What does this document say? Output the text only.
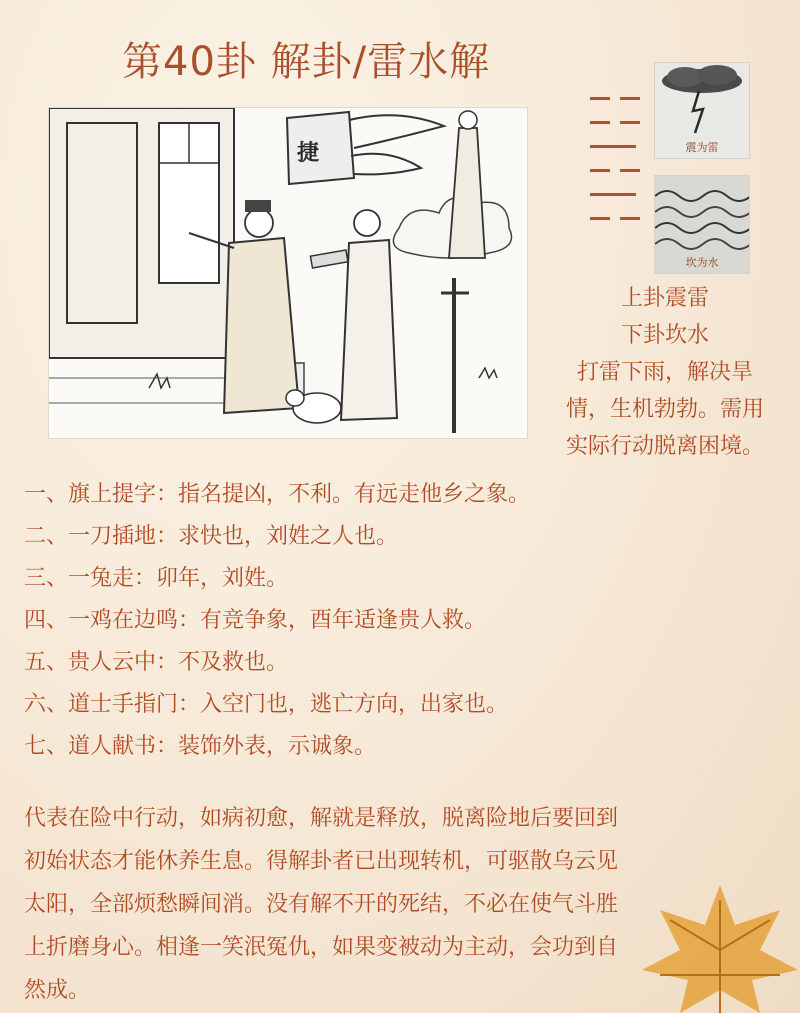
第40卦 解卦/雷水解
捷	震为雷
坎为水
上卦震雷
下卦坎水
打雷下雨，解决旱
情，生机勃勃。需用
实际行动脱离困境。
一、旗上提字：指名提凶，不利。有远走他乡之象。
二、一刀插地：求快也，刘姓之人也。
三、一兔走：卯年，刘姓。
四、一鸡在边鸣：有竞争象，酉年适逢贵人救。
五、贵人云中：不及救也。
六、道士手指门：入空门也，逃亡方向，出家也。
七、道人献书：装饰外表，示诚象。
代表在险中行动，如病初愈，解就是释放，脱离险地后要回到
初始状态才能休养生息。得解卦者已出现转机，可驱散乌云见
太阳，全部烦愁瞬间消。没有解不开的死结，不必在使气斗胜
上折磨身心。相逢一笑泯冤仇，如果变被动为主动，会功到自
然成。
